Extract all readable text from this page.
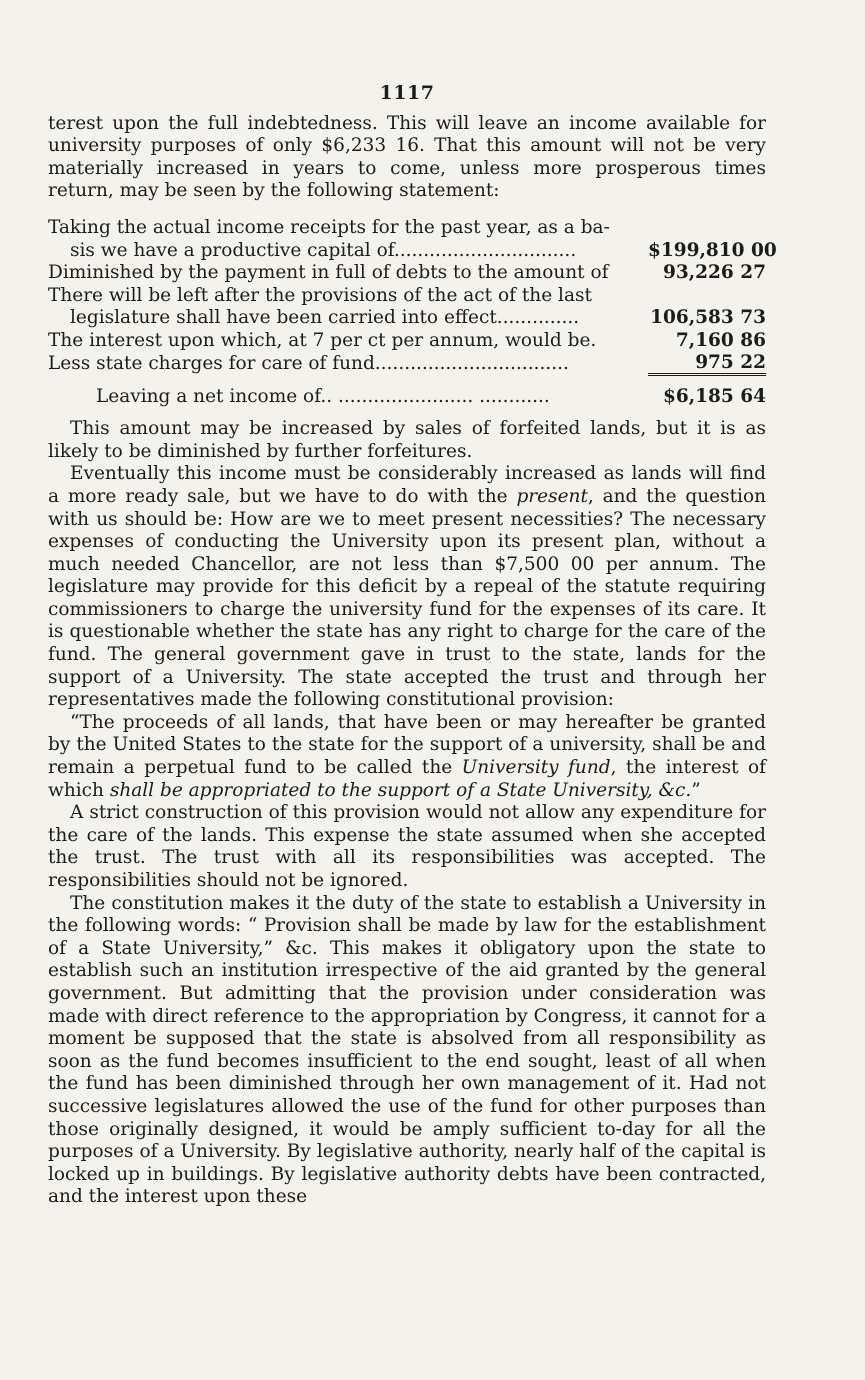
1117

terest upon the full indebtedness. This will leave an income available for university purposes of only $6,233 16. That this amount will not be very materially increased in years to come, unless more prosperous times return, may be seen by the following statement:

Taking the actual income receipts for the past year, as a ba-
sis we have a productive capital of...............................	$199,810 00
Diminished by the payment in full of debts to the amount of	93,226 27
There will be left after the provisions of the act of the last
legislature shall have been carried into effect..............	106,583 73
The interest upon which, at 7 per ct per annum, would be.	7,160 86
Less state charges for care of fund.................................	975 22
Leaving a net income of.. ....................... ............	$6,185 64

This amount may be increased by sales of forfeited lands, but it is as likely to be diminished by further forfeitures.

Eventually this income must be considerably increased as lands will find a more ready sale, but we have to do with the present, and the question with us should be: How are we to meet present necessities? The necessary expenses of conducting the University upon its present plan, without a much needed Chancellor, are not less than $7,500 00 per annum. The legislature may provide for this deficit by a repeal of the statute requiring commissioners to charge the university fund for the expenses of its care. It is questionable whether the state has any right to charge for the care of the fund. The general government gave in trust to the state, lands for the support of a University. The state accepted the trust and through her representatives made the following constitutional provision:

“The proceeds of all lands, that have been or may hereafter be granted by the United States to the state for the support of a university, shall be and remain a perpetual fund to be called the University fund, the interest of which shall be appropriated to the support of a State University, &c.”

A strict construction of this provision would not allow any expenditure for the care of the lands. This expense the state assumed when she accepted the trust. The trust with all its responsibilities was accepted. The responsibilities should not be ignored.

The constitution makes it the duty of the state to establish a University in the following words: “ Provision shall be made by law for the establishment of a State University,” &c. This makes it obligatory upon the state to establish such an institution irrespective of the aid granted by the general government. But admitting that the provision under consideration was made with direct reference to the appropriation by Congress, it cannot for a moment be supposed that the state is absolved from all responsibility as soon as the fund becomes insufficient to the end sought, least of all when the fund has been diminished through her own management of it. Had not successive legislatures allowed the use of the fund for other purposes than those originally designed, it would be amply sufficient to-day for all the purposes of a University. By legislative authority, nearly half of the capital is locked up in buildings. By legislative authority debts have been contracted, and the interest upon these
